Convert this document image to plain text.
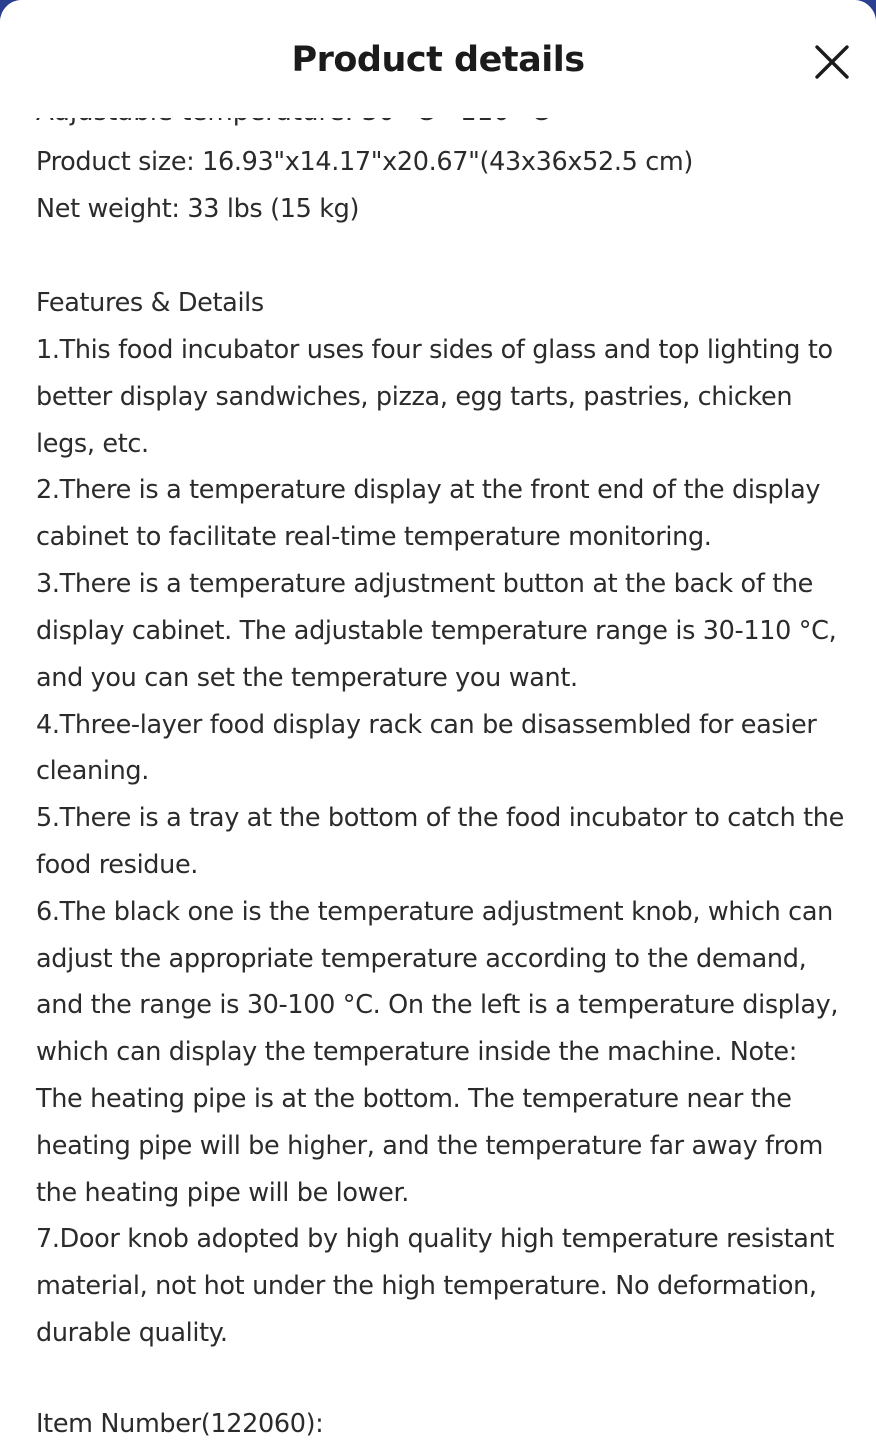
Product size: 16.93"x14.17"x20.67"(43x36x52.5 cm)
Net weight: 33 lbs (15 kg)
Features & Details
1.This food incubator uses four sides of glass and top lighting to
better display sandwiches, pizza, egg tarts, pastries, chicken
legs, etc.
2.There is a temperature display at the front end of the display
cabinet to facilitate real-time temperature monitoring.
3.There is a temperature adjustment button at the back of the
display cabinet. The adjustable temperature range is 30-110 °C,
and you can set the temperature you want.
4.Three-layer food display rack can be disassembled for easier
cleaning.
5.There is a tray at the bottom of the food incubator to catch the
food residue.
6.The black one is the temperature adjustment knob, which can
adjust the appropriate temperature according to the demand,
and the range is 30-100 °C. On the left is a temperature display,
which can display the temperature inside the machine. Note:
The heating pipe is at the bottom. The temperature near the
heating pipe will be higher, and the temperature far away from
the heating pipe will be lower.
7.Door knob adopted by high quality high temperature resistant
material, not hot under the high temperature. No deformation,
durable quality.
Item Number(122060):
Product details
